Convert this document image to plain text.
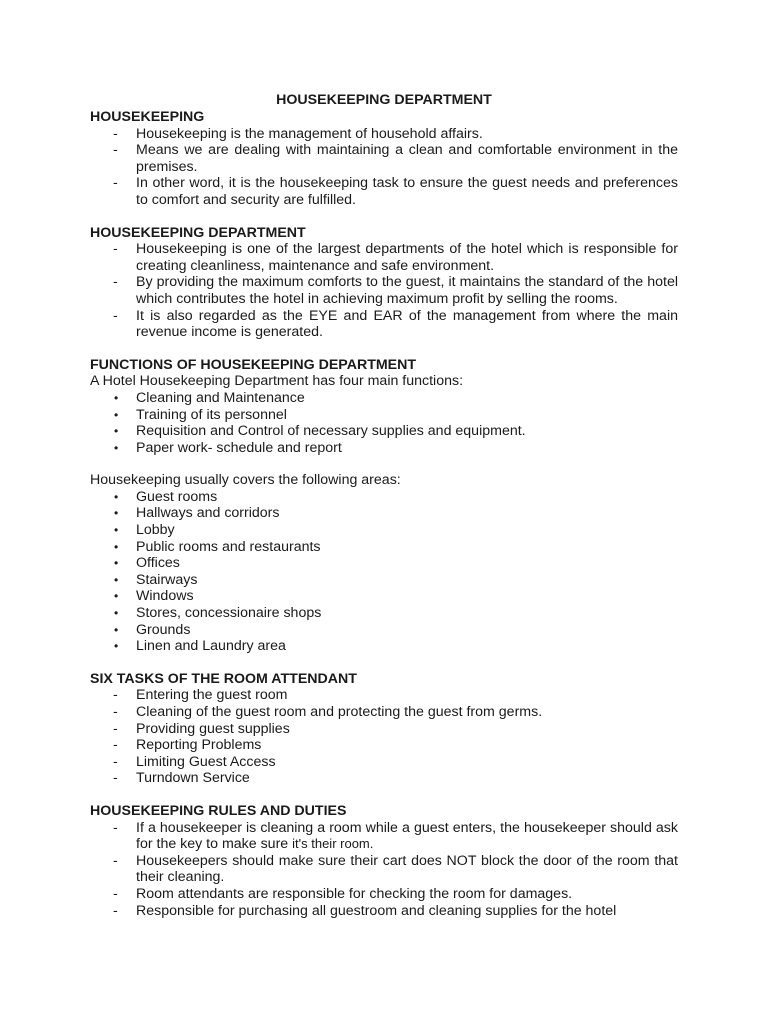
HOUSEKEEPING DEPARTMENT

HOUSEKEEPING

- Housekeeping is the management of household affairs.
- Means we are dealing with maintaining a clean and comfortable environment in the premises.
- In other word, it is the housekeeping task to ensure the guest needs and preferences to comfort and security are fulfilled.

HOUSEKEEPING DEPARTMENT

- Housekeeping is one of the largest departments of the hotel which is responsible for creating cleanliness, maintenance and safe environment.
- By providing the maximum comforts to the guest, it maintains the standard of the hotel which contributes the hotel in achieving maximum profit by selling the rooms.
- It is also regarded as the EYE and EAR of the management from where the main revenue income is generated.

FUNCTIONS OF HOUSEKEEPING DEPARTMENT

A Hotel Housekeeping Department has four main functions:

• Cleaning and Maintenance
• Training of its personnel
• Requisition and Control of necessary supplies and equipment.
• Paper work- schedule and report

Housekeeping usually covers the following areas:

• Guest rooms
• Hallways and corridors
• Lobby
• Public rooms and restaurants
• Offices
• Stairways
• Windows
• Stores, concessionaire shops
• Grounds
• Linen and Laundry area

SIX TASKS OF THE ROOM ATTENDANT

- Entering the guest room
- Cleaning of the guest room and protecting the guest from germs.
- Providing guest supplies
- Reporting Problems
- Limiting Guest Access
- Turndown Service

HOUSEKEEPING RULES AND DUTIES

- If a housekeeper is cleaning a room while a guest enters, the housekeeper should ask for the key to make sure it's their room.
- Housekeepers should make sure their cart does NOT block the door of the room that their cleaning.
- Room attendants are responsible for checking the room for damages.
- Responsible for purchasing all guestroom and cleaning supplies for the hotel
